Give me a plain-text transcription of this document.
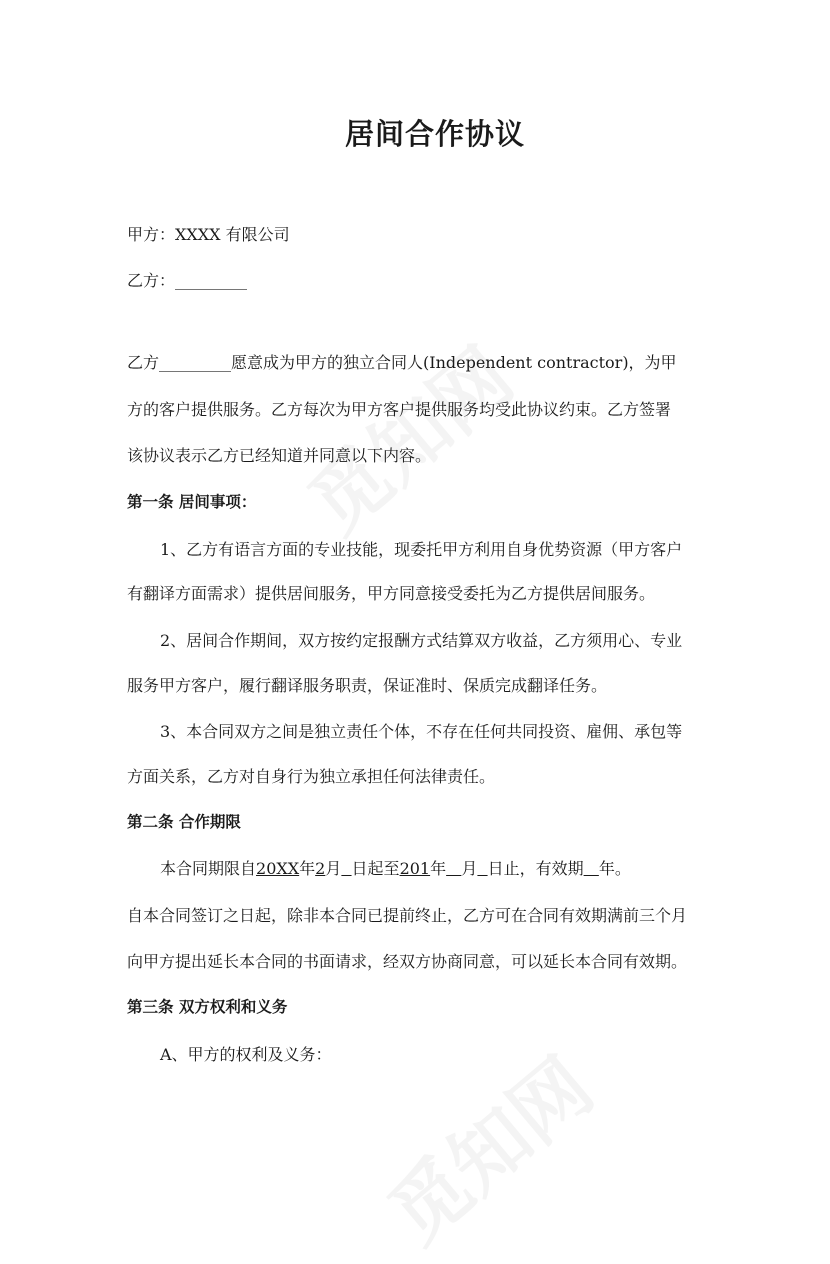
居间合作协议
甲方：XXXX 有限公司
乙方：_________
乙方_________愿意成为甲方的独立合同人(Independent contractor)，为甲
方的客户提供服务。乙方每次为甲方客户提供服务均受此协议约束。乙方签署
该协议表示乙方已经知道并同意以下内容。
第一条 居间事项：
1、乙方有语言方面的专业技能，现委托甲方利用自身优势资源（甲方客户
有翻译方面需求）提供居间服务，甲方同意接受委托为乙方提供居间服务。
2、居间合作期间，双方按约定报酬方式结算双方收益，乙方须用心、专业
服务甲方客户，履行翻译服务职责，保证准时、保质完成翻译任务。
3、本合同双方之间是独立责任个体，不存在任何共同投资、雇佣、承包等
方面关系，乙方对自身行为独立承担任何法律责任。
第二条 合作期限
本合同期限自20XX年2月 日起至201年 月 日止，有效期 年。
自本合同签订之日起，除非本合同已提前终止，乙方可在合同有效期满前三个月
向甲方提出延长本合同的书面请求，经双方协商同意，可以延长本合同有效期。
第三条 双方权利和义务
A、甲方的权利及义务：
